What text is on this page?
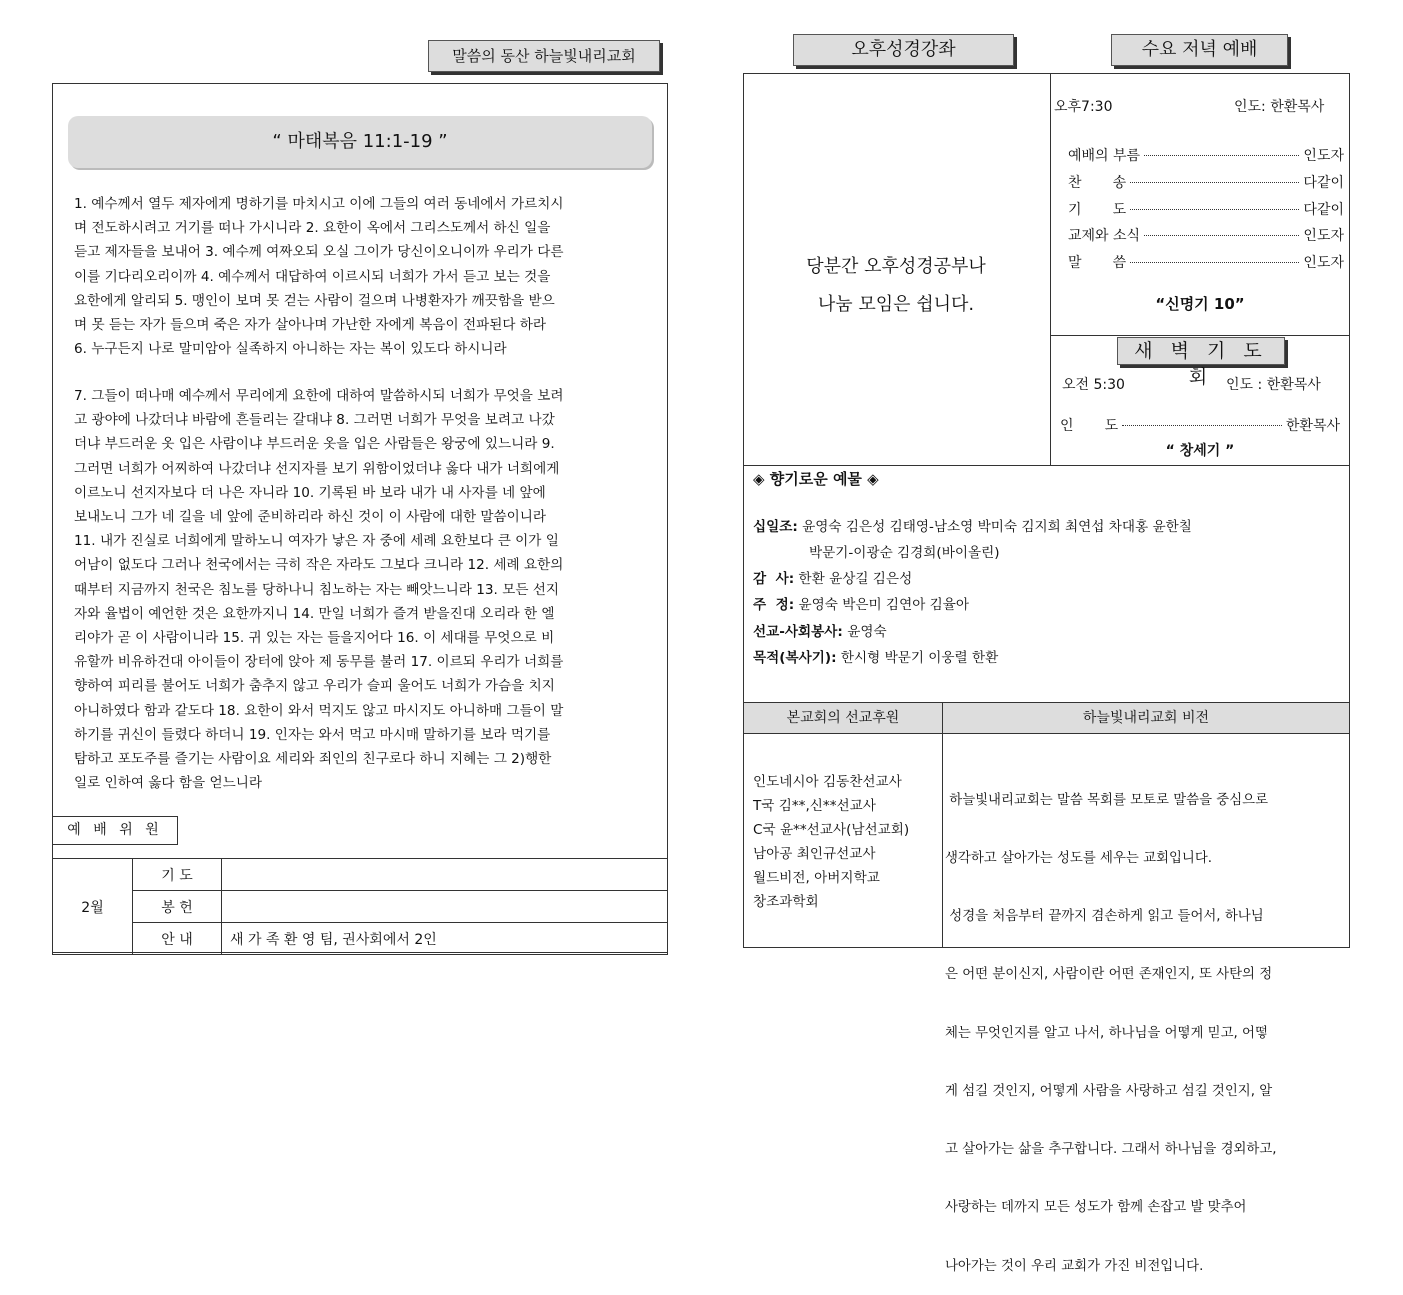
말씀의 동산 하늘빛내리교회
“ 마태복음 11:1-19 ”
1. 예수께서 열두 제자에게 명하기를 마치시고 이에 그들의 여러 동네에서 가르치시
며 전도하시려고 거기를 떠나 가시니라 2. 요한이 옥에서 그리스도께서 하신 일을
듣고 제자들을 보내어 3. 예수께 여짜오되 오실 그이가 당신이오니이까 우리가 다른
이를 기다리오리이까 4. 예수께서 대답하여 이르시되 너희가 가서 듣고 보는 것을
요한에게 알리되 5. 맹인이 보며 못 걷는 사람이 걸으며 나병환자가 깨끗함을 받으
며 못 듣는 자가 들으며 죽은 자가 살아나며 가난한 자에게 복음이 전파된다 하라
6. 누구든지 나로 말미암아 실족하지 아니하는 자는 복이 있도다 하시니라
7. 그들이 떠나매 예수께서 무리에게 요한에 대하여 말씀하시되 너희가 무엇을 보려
고 광야에 나갔더냐 바람에 흔들리는 갈대냐 8. 그러면 너희가 무엇을 보려고 나갔
더냐 부드러운 옷 입은 사람이냐 부드러운 옷을 입은 사람들은 왕궁에 있느니라 9.
그러면 너희가 어찌하여 나갔더냐 선지자를 보기 위함이었더냐 옳다 내가 너희에게
이르노니 선지자보다 더 나은 자니라 10. 기록된 바 보라 내가 내 사자를 네 앞에
보내노니 그가 네 길을 네 앞에 준비하리라 하신 것이 이 사람에 대한 말씀이니라
11. 내가 진실로 너희에게 말하노니 여자가 낳은 자 중에 세례 요한보다 큰 이가 일
어남이 없도다 그러나 천국에서는 극히 작은 자라도 그보다 크니라 12. 세례 요한의
때부터 지금까지 천국은 침노를 당하나니 침노하는 자는 빼앗느니라 13. 모든 선지
자와 율법이 예언한 것은 요한까지니 14. 만일 너희가 즐겨 받을진대 오리라 한 엘
리야가 곧 이 사람이니라 15. 귀 있는 자는 들을지어다 16. 이 세대를 무엇으로 비
유할까 비유하건대 아이들이 장터에 앉아 제 동무를 불러 17. 이르되 우리가 너희를
향하여 피리를 불어도 너희가 춤추지 않고 우리가 슬피 울어도 너희가 가슴을 치지
아니하였다 함과 같도다 18. 요한이 와서 먹지도 않고 마시지도 아니하매 그들이 말
하기를 귀신이 들렸다 하더니 19. 인자는 와서 먹고 마시매 말하기를 보라 먹기를
탐하고 포도주를 즐기는 사람이요 세리와 죄인의 친구로다 하니 지혜는 그 2)행한
일로 인하여 옳다 함을 얻느니라
예 배 위 원
2월	기 도	
	봉 헌	
	안 내	새 가 족 환 영 팀, 권사회에서 2인
오후성경강좌	수요 저녁 예배
당분간 오후성경공부나
나눔 모임은 쉽니다.
오후7:30	인도: 한환목사
예배의 부름	인도자
찬       송	다같이
기       도	다같이
교제와 소식	인도자
말       씀	인도자
“신명기 10”
새 벽 기 도 회
오전 5:30	인도 : 한환목사
인       도	한환목사
“ 창세기 ”
◈ 향기로운 예물 ◈
십일조: 윤영숙 김은성 김태영-남소영 박미숙 김지희 최연섭 차대홍 윤한칠
박문기-이광순 김경희(바이올린)
감  사: 한환 윤상길 김은성
주  정: 윤영숙 박은미 김연아 김율아
선교-사회봉사: 윤영숙
목적(복사기): 한시형 박문기 이웅렬 한환
본교회의 선교후원	하늘빛내리교회 비전
인도네시아 김동찬선교사
T국 김**,신**선교사
C국 윤**선교사(남선교회)
남아공 최인규선교사
월드비전, 아버지학교
창조과학회

하늘빛내리교회는 말씀 목회를 모토로 말씀을 중심으로

생각하고 살아가는 성도를 세우는 교회입니다.

성경을 처음부터 끝까지 겸손하게 읽고 들어서, 하나님

은 어떤 분이신지, 사람이란 어떤 존재인지, 또 사탄의 정

체는 무엇인지를 알고 나서, 하나님을 어떻게 믿고, 어떻

게 섬길 것인지, 어떻게 사람을 사랑하고 섬길 것인지, 알

고 살아가는 삶을 추구합니다. 그래서 하나님을 경외하고,

사랑하는 데까지 모든 성도가 함께 손잡고 발 맞추어

나아가는 것이 우리 교회가 가진 비전입니다.
